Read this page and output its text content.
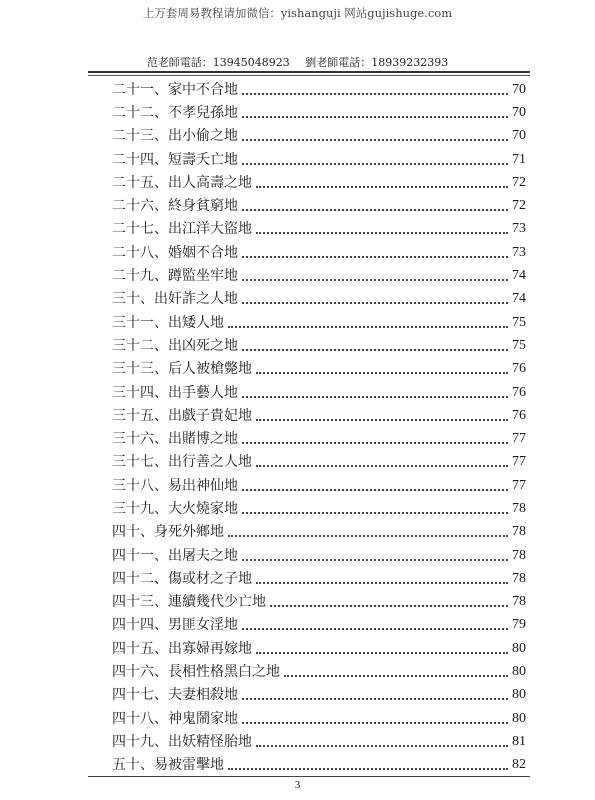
上万套周易教程请加微信：yishanguji 网站gujishuge.com
范老師電話：13945048923 劉老師電話：18939232393
二十一、 家中不合地	70
二十二、 不孝兒孫地	70
二十三、 出小偷之地	70
二十四、 短壽夭亡地	71
二十五、 出人高壽之地	72
二十六、 終身貧窮地	72
二十七、 出江洋大盜地	73
二十八、 婚姻不合地	73
二十九、 蹲監坐牢地	74
三十、 出奸詐之人地	74
三十一、 出矮人地	75
三十二、 出凶死之地	75
三十三、 后人被槍斃地	76
三十四、 出手藝人地	76
三十五、 出戲子貴妃地	76
三十六、 出賭博之地	77
三十七、 出行善之人地	77
三十八、 易出神仙地	77
三十九、 大火燒家地	78
四十、 身死外鄉地	78
四十一、 出屠夫之地	78
四十二、 傷或材之子地	78
四十三、 連續幾代少亡地	78
四十四、 男匪女淫地	79
四十五、 出寡婦再嫁地	80
四十六、 長相性格黑白之地	80
四十七、 夫妻相殺地	80
四十八、 神鬼鬧家地	80
四十九、 出妖精怪胎地	81
五十、 易被雷擊地	82
3
